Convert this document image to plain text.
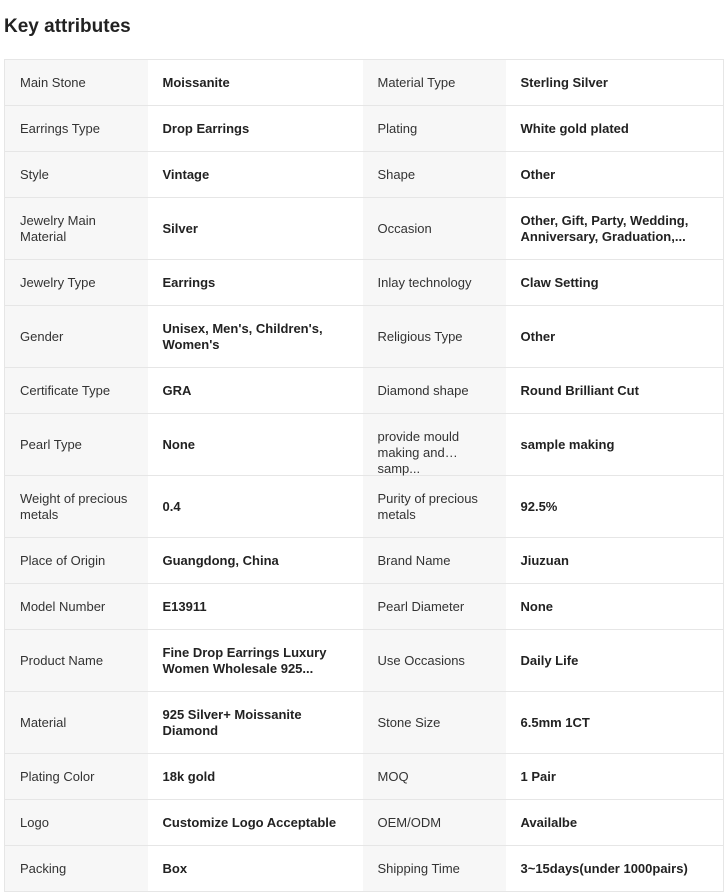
Key attributes
Main Stone	Moissanite	Material Type	Sterling Silver

Earrings Type	Drop Earrings	Plating	White gold plated

Style	Vintage	Shape	Other

Jewelry Main Material	Silver	Occasion	Other, Gift, Party, Wedding, Anniversary, Graduation,...

Jewelry Type	Earrings	Inlay technology	Claw Setting

Gender	Unisex, Men's, Children's, Women's	Religious Type	Other

Certificate Type	GRA	Diamond shape	Round Brilliant Cut

Pearl Type	None	provide mould making and samp...	sample making

Weight of precious metals	0.4	Purity of precious metals	92.5%

Place of Origin	Guangdong, China	Brand Name	Jiuzuan

Model Number	E13911	Pearl Diameter	None

Product Name	Fine Drop Earrings Luxury Women Wholesale 925...	Use Occasions	Daily Life

Material	925 Silver+ Moissanite Diamond	Stone Size	6.5mm 1CT

Plating Color	18k gold	MOQ	1 Pair

Logo	Customize Logo Acceptable	OEM/ODM	Availalbe

Packing	Box	Shipping Time	3~15days(under 1000pairs)
